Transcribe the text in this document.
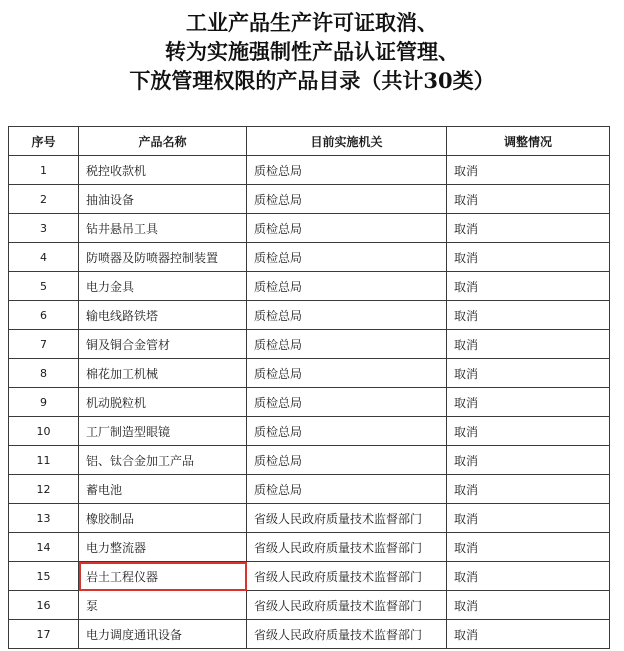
工业产品生产许可证取消、
转为实施强制性产品认证管理、
下放管理权限的产品目录（共计30类）
序号	产品名称	目前实施机关	调整情况
1	税控收款机	质检总局	取消
2	抽油设备	质检总局	取消
3	钻井悬吊工具	质检总局	取消
4	防喷器及防喷器控制装置	质检总局	取消
5	电力金具	质检总局	取消
6	输电线路铁塔	质检总局	取消
7	铜及铜合金管材	质检总局	取消
8	棉花加工机械	质检总局	取消
9	机动脱粒机	质检总局	取消
10	工厂制造型眼镜	质检总局	取消
11	铝、钛合金加工产品	质检总局	取消
12	蓄电池	质检总局	取消
13	橡胶制品	省级人民政府质量技术监督部门	取消
14	电力整流器	省级人民政府质量技术监督部门	取消
15	岩土工程仪器	省级人民政府质量技术监督部门	取消
16	泵	省级人民政府质量技术监督部门	取消
17	电力调度通讯设备	省级人民政府质量技术监督部门	取消
